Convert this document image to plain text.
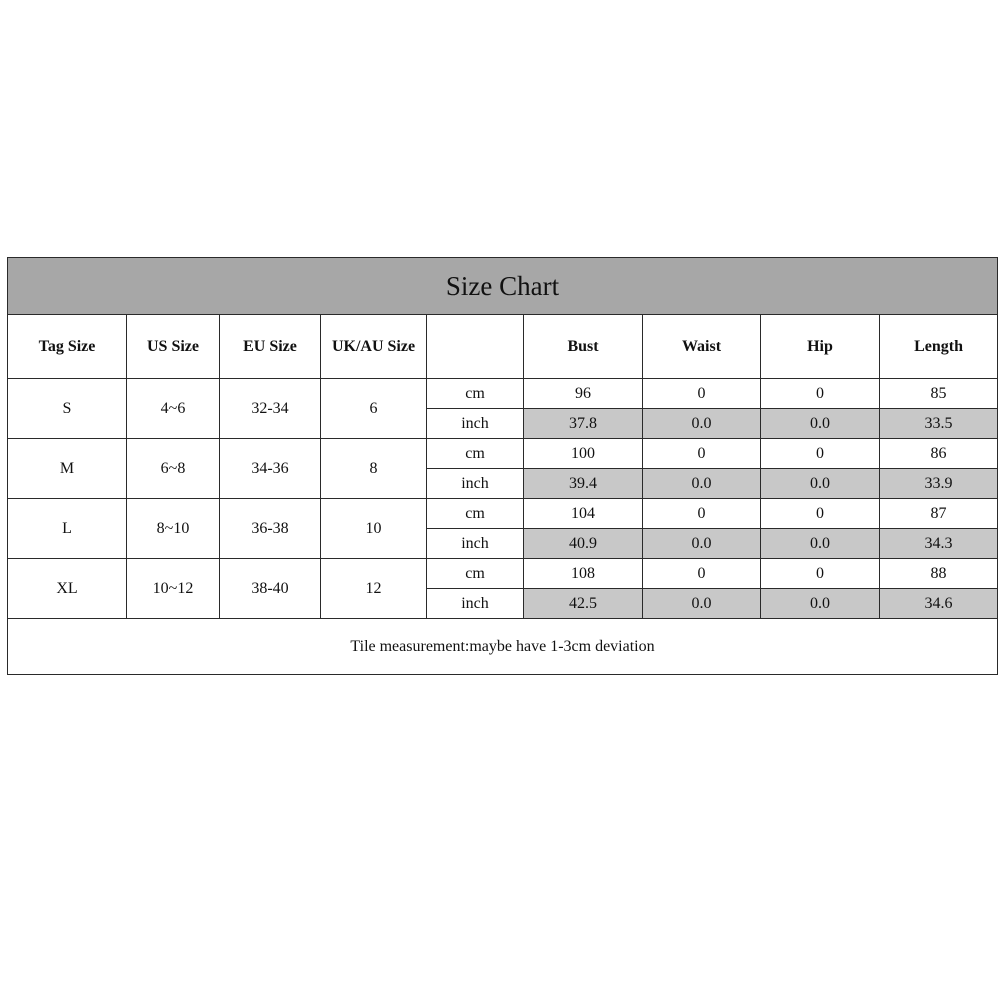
Size Chart								
Tag Size	US Size	EU Size	UK/AU Size		Bust	Waist	Hip	Length
S	4~6	32-34	6	cm	96	0	0	85
				inch	37.8	0.0	0.0	33.5
M	6~8	34-36	8	cm	100	0	0	86
				inch	39.4	0.0	0.0	33.9
L	8~10	36-38	10	cm	104	0	0	87
				inch	40.9	0.0	0.0	34.3
XL	10~12	38-40	12	cm	108	0	0	88
				inch	42.5	0.0	0.0	34.6
Tile measurement:maybe have 1-3cm deviation								
